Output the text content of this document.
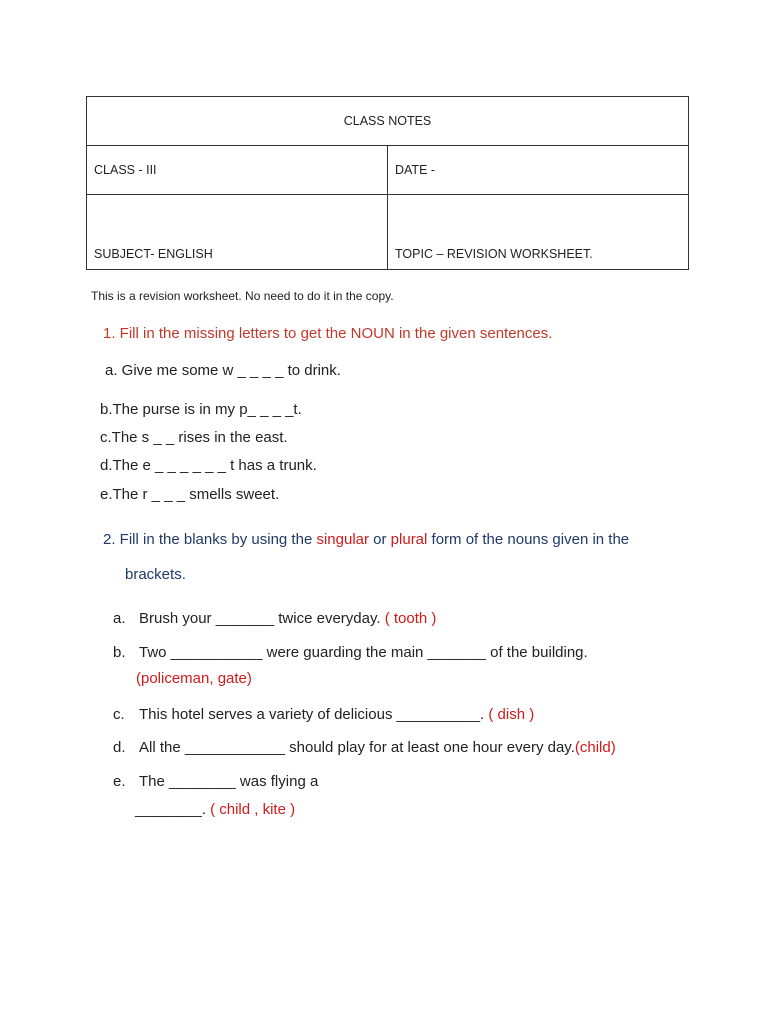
CLASS NOTES	
CLASS - III	DATE -
SUBJECT- ENGLISH	TOPIC – REVISION WORKSHEET.
This is a revision worksheet. No need to do it in the copy.
1. Fill in the missing letters to get the NOUN in the given sentences.
a. Give me some w _ _ _ _ to drink.
b.The purse is in my p_ _ _ _t.
c.The s _ _ rises in the east.
d.The e _ _ _ _ _ _ t has a trunk.
e.The r _ _ _ smells sweet.
2. Fill in the blanks by using the singular or plural form of the nouns given in the
brackets.
a. Brush your _______ twice everyday. ( tooth )
b. Two ___________ were guarding the main _______ of the building.
(policeman, gate)
c. This hotel serves a variety of delicious __________. ( dish )
d. All the ____________ should play for at least one hour every day.(child)
e. The ________ was flying a
________. ( child , kite )
